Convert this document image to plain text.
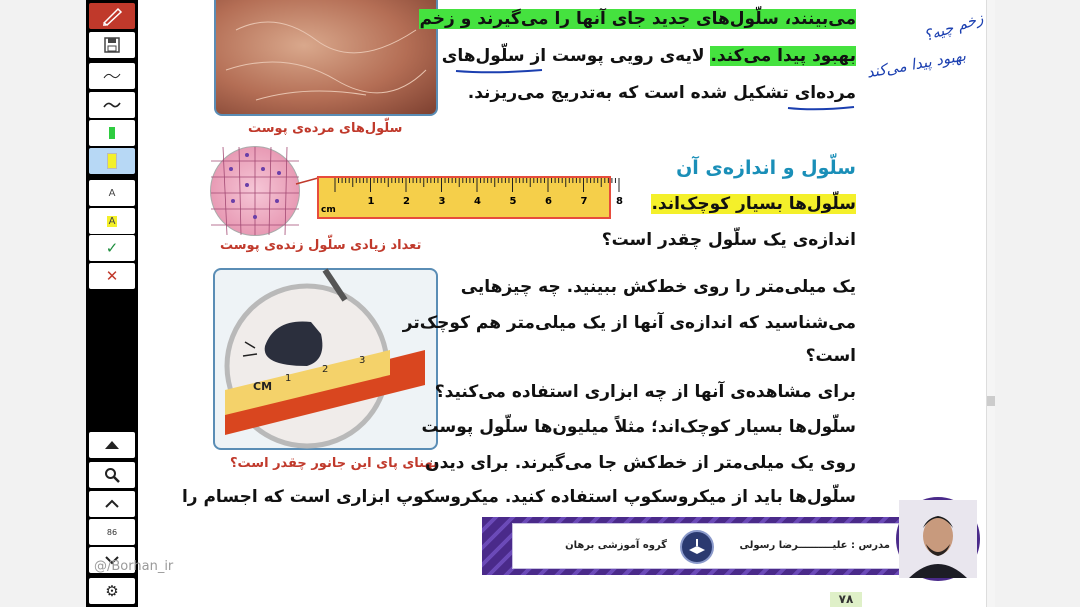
A
A
✓
✕
86
⚙
سلّول‌های مرده‌ی پوست
می‌بینند، سلّول‌های جدید جای آنها را می‌گیرند و زخم
بهبود پیدا می‌کند. لایه‌ی رویی پوست از سلّول‌های
مرده‌ای تشکیل شده است که به‌تدریج می‌ریزند.
زخم چیه؟
بهبود پیدا می‌کند
cm
1	2	3	4	5	6	7	8
تعداد زیادی سلّول زنده‌ی پوست
سلّول و اندازه‌ی آن
سلّول‌ها بسیار کوچک‌اند.
اندازه‌ی یک سلّول چقدر است؟
CM
1
2
3
پهنای پای این جانور چقدر است؟
یک میلی‌متر را روی خط‌کش ببینید. چه چیزهایی
می‌شناسید که اندازه‌ی آنها از یک میلی‌متر هم کوچک‌تر
است؟
برای مشاهده‌ی آنها از چه ابزاری استفاده می‌کنید؟
سلّول‌ها بسیار کوچک‌اند؛ مثلاً میلیون‌ها سلّول پوست
روی یک میلی‌متر از خط‌کش جا می‌گیرند. برای دیدن
سلّول‌ها باید از میکروسکوپ استفاده کنید. میکروسکوپ ابزاری است که اجسام را
۷۸
مدرس : علیــــــــــرضا رسولی
گروه آموزشی برهان
@/Borhan_ir
